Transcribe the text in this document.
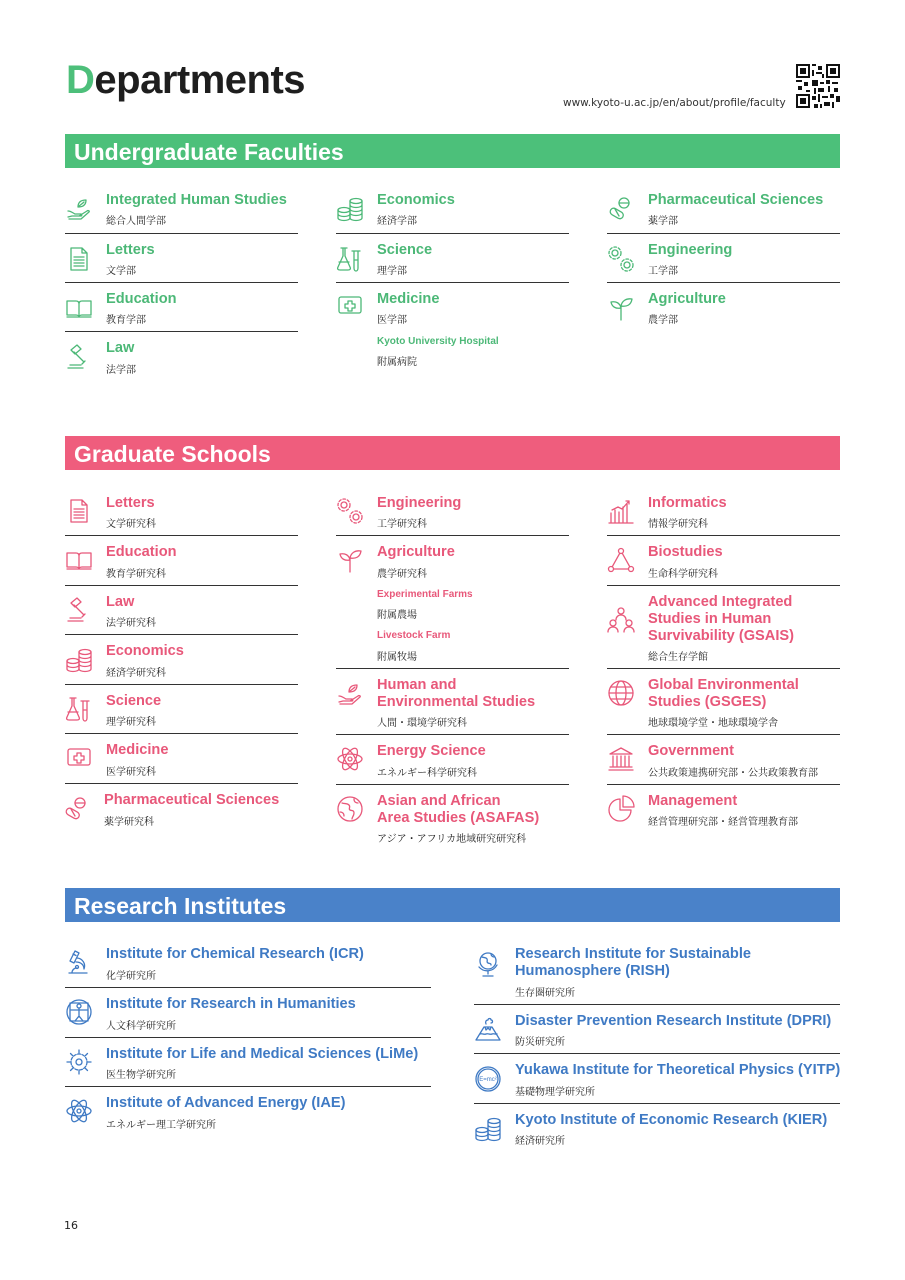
Departments
www.kyoto-u.ac.jp/en/about/profile/faculty
Undergraduate Faculties
Graduate Schools
Research Institutes
Integrated Human Studies
総合人間学部
Letters
文学部
Education
教育学部
Law
法学部
Economics
経済学部
Science
理学部
Medicine
医学部
Kyoto University Hospital
附属病院
Pharmaceutical Sciences
薬学部
Engineering
工学部
Agriculture
農学部
Letters
文学研究科
Education
教育学研究科
Law
法学研究科
Economics
経済学研究科
Science
理学研究科
Medicine
医学研究科
Pharmaceutical Sciences
薬学研究科
Engineering
工学研究科
Agriculture
農学研究科
Experimental Farms
附属農場
Livestock Farm
附属牧場
Human and
Environmental Studies
人間・環境学研究科
Energy Science
エネルギー科学研究科
Asian and African
Area Studies (ASAFAS)
アジア・アフリカ地域研究研究科
Informatics
情報学研究科
Biostudies
生命科学研究科
Advanced Integrated
Studies in Human
Survivability (GSAIS)
総合生存学館
Global Environmental
Studies (GSGES)
地球環境学堂・地球環境学舎
Government
公共政策連携研究部・公共政策教育部
Management
経営管理研究部・経営管理教育部
Institute for Chemical Research (ICR)
化学研究所
Institute for Research in Humanities
人文科学研究所
Institute for Life and Medical Sciences (LiMe)
医生物学研究所
Institute of Advanced Energy (IAE)
エネルギー理工学研究所
Research Institute for Sustainable
Humanosphere (RISH)
生存圏研究所
Disaster Prevention Research Institute (DPRI)
防災研究所
E=mc²
Yukawa Institute for Theoretical Physics (YITP)
基礎物理学研究所
Kyoto Institute of Economic Research (KIER)
経済研究所
16
